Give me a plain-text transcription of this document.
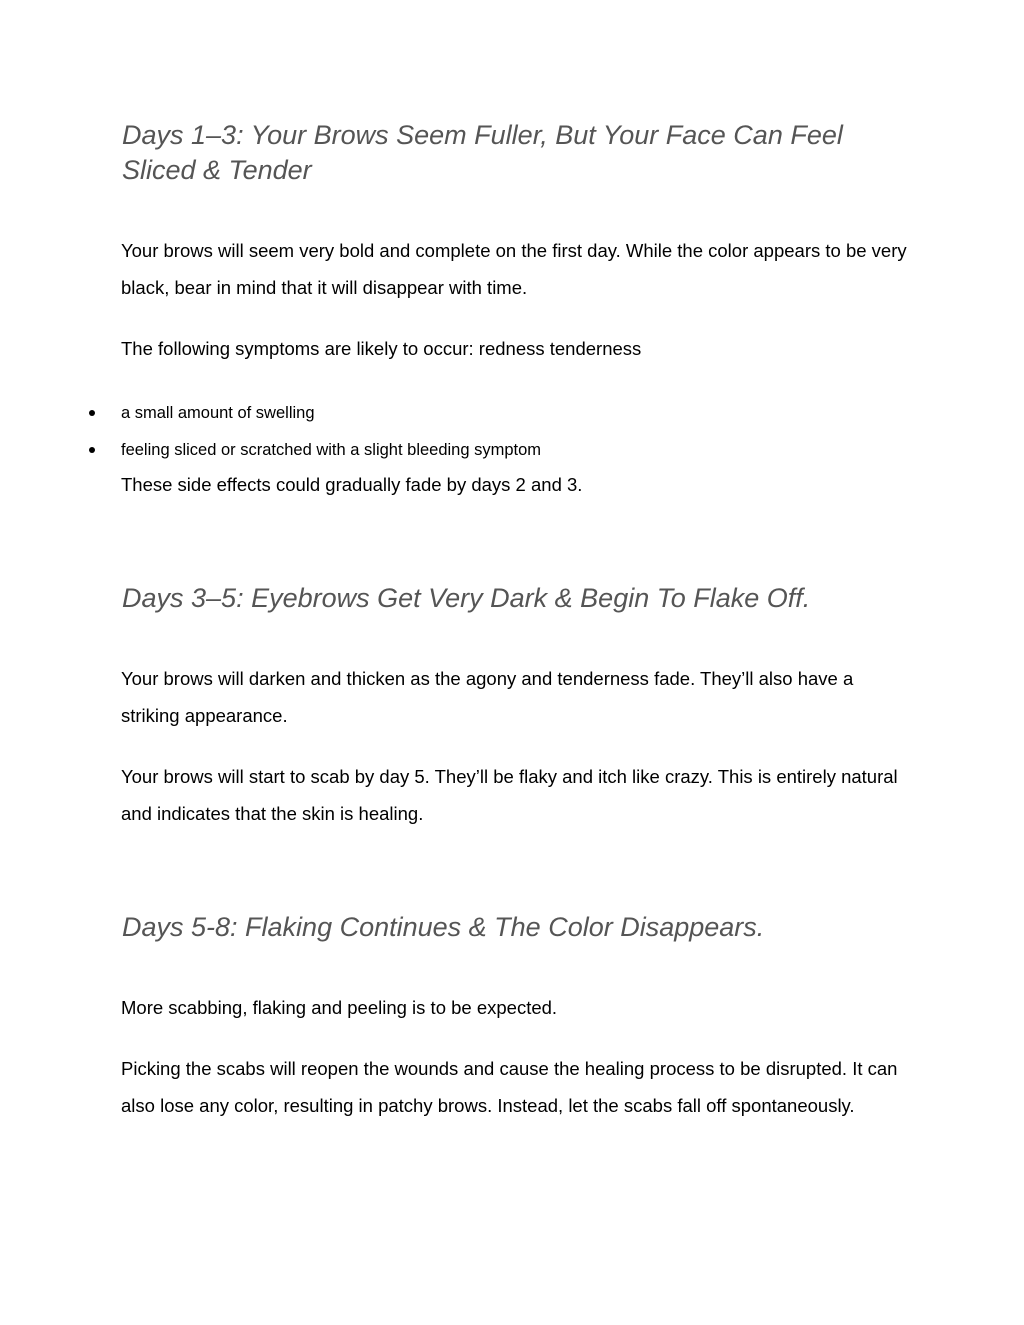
Days 1–3: Your Brows Seem Fuller, But Your Face Can Feel Sliced & Tender

Your brows will seem very bold and complete on the first day. While the color appears to be very black, bear in mind that it will disappear with time.

The following symptoms are likely to occur: redness tenderness

a small amount of swelling
feeling sliced or scratched with a slight bleeding symptom

These side effects could gradually fade by days 2 and 3.

Days 3–5: Eyebrows Get Very Dark & Begin To Flake Off.

Your brows will darken and thicken as the agony and tenderness fade. They’ll also have a striking appearance.

Your brows will start to scab by day 5. They’ll be flaky and itch like crazy. This is entirely natural and indicates that the skin is healing.

Days 5-8: Flaking Continues & The Color Disappears.

More scabbing, flaking and peeling is to be expected.

Picking the scabs will reopen the wounds and cause the healing process to be disrupted. It can also lose any color, resulting in patchy brows. Instead, let the scabs fall off spontaneously.
